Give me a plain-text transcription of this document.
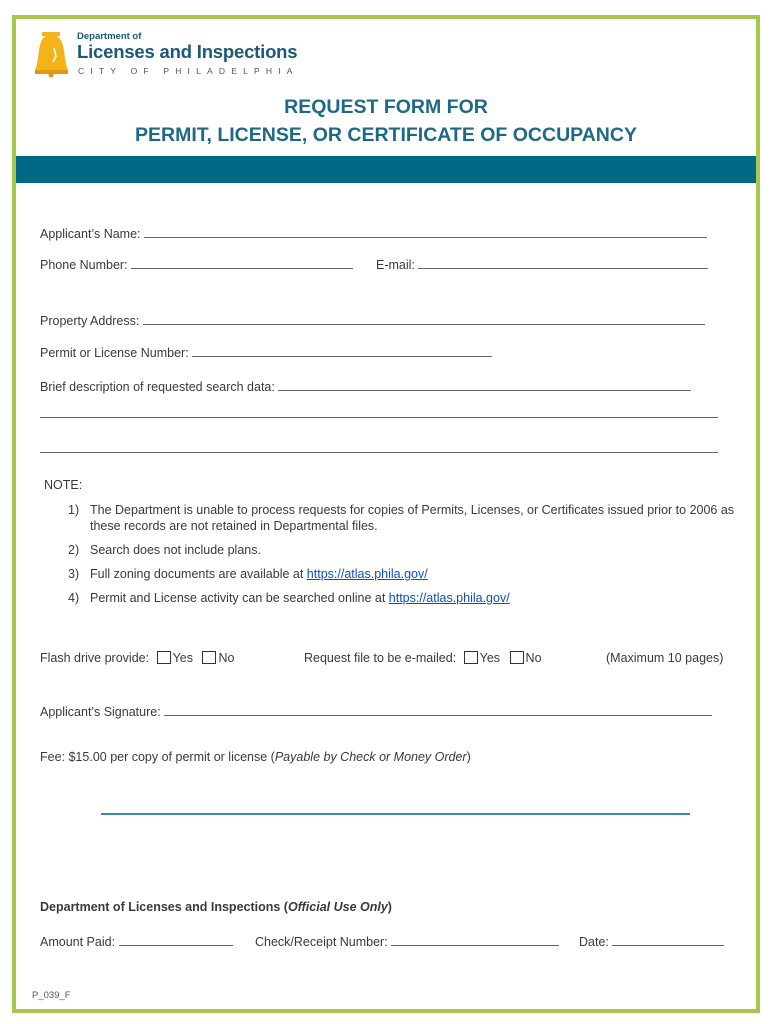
Department of
Licenses and Inspections
CITY OF PHILADELPHIA
REQUEST FORM FOR
PERMIT, LICENSE, OR CERTIFICATE OF OCCUPANCY
Applicant’s Name:
Phone Number:	E-mail:
Property Address:
Permit or License Number:
Brief description of requested search data:
NOTE:
1) The Department is unable to process requests for copies of Permits, Licenses, or Certificates issued prior to 2006 as these records are not retained in Departmental files.
2) Search does not include plans.
3) Full zoning documents are available at https://atlas.phila.gov/
4) Permit and License activity can be searched online at https://atlas.phila.gov/
Flash drive provide: Yes No	Request file to be e-mailed: Yes No	(Maximum 10 pages)
Applicant’s Signature:
Fee: $15.00 per copy of permit or license (Payable by Check or Money Order)
Department of Licenses and Inspections (Official Use Only)
Amount Paid:	Check/Receipt Number:	Date:
P_039_F
